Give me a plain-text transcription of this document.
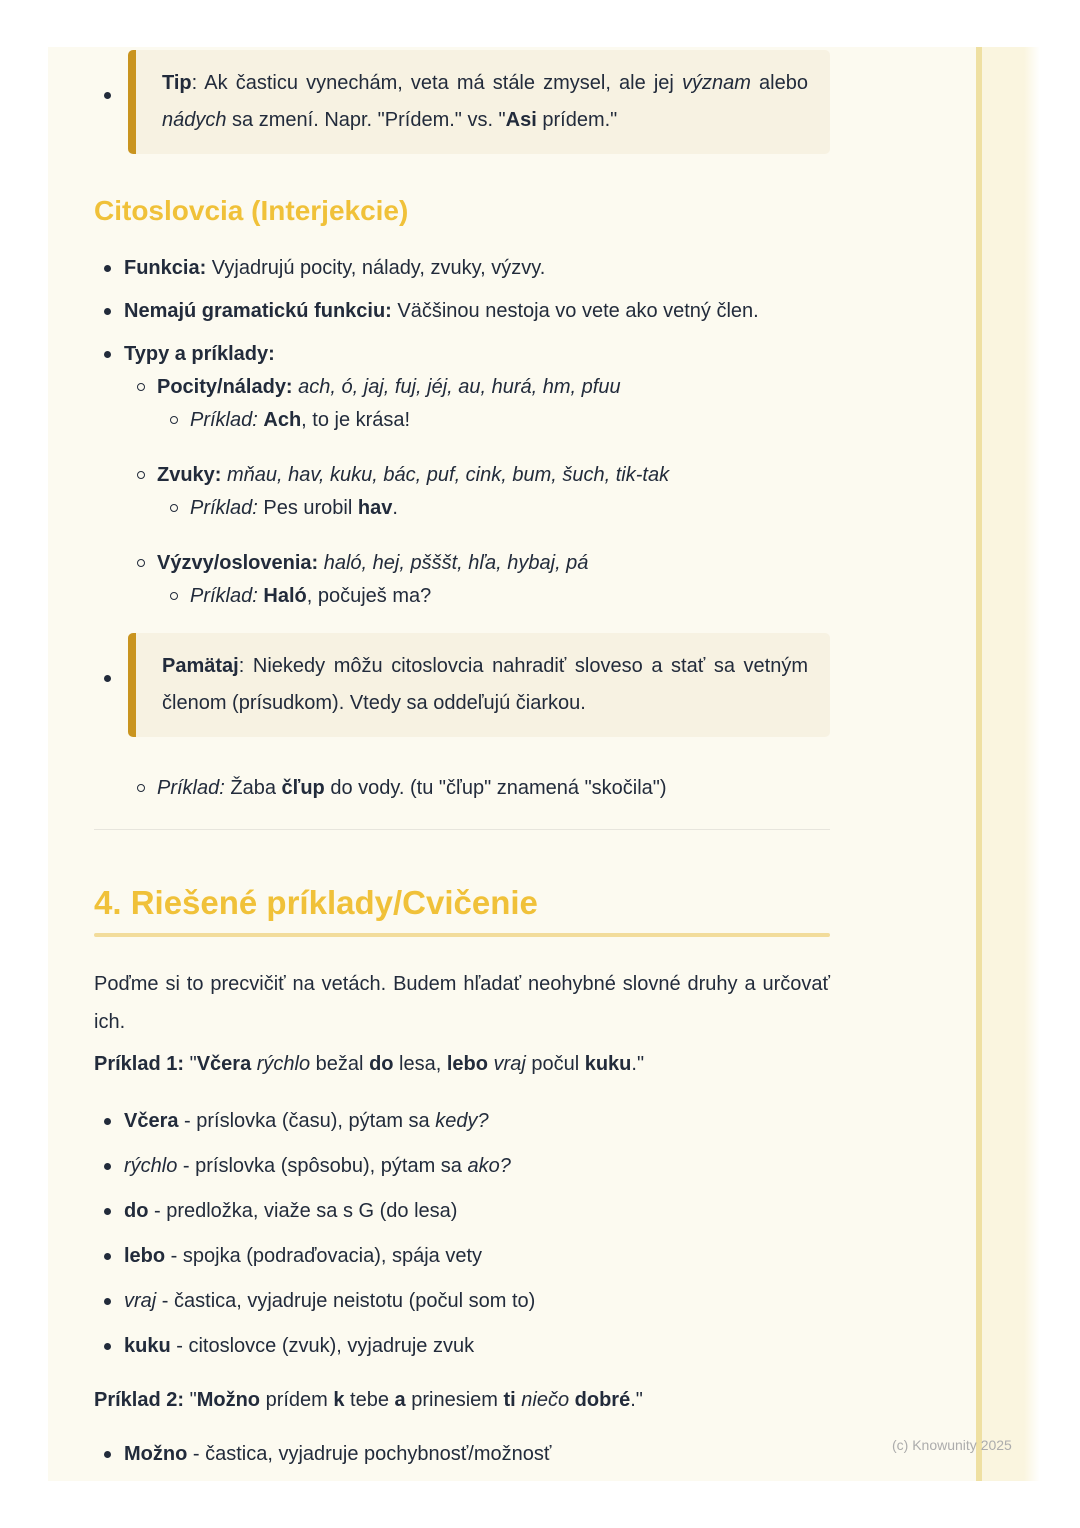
Tip: Ak časticu vynechám, veta má stále zmysel, ale jej význam alebo nádych sa zmení. Napr. "Prídem." vs. "Asi prídem."

Citoslovcia (Interjekcie)

Funkcia: Vyjadrujú pocity, nálady, zvuky, výzvy.

Nemajú gramatickú funkciu: Väčšinou nestoja vo vete ako vetný člen.

Typy a príklady:

Pocity/nálady: ach, ó, jaj, fuj, jéj, au, hurá, hm, pfuu

Príklad: Ach, to je krása!

Zvuky: mňau, hav, kuku, bác, puf, cink, bum, šuch, tik-tak

Príklad: Pes urobil hav.

Výzvy/oslovenia: haló, hej, pšššt, hľa, hybaj, pá

Príklad: Haló, počuješ ma?

Pamätaj: Niekedy môžu citoslovcia nahradiť sloveso a stať sa vetným členom (prísudkom). Vtedy sa oddeľujú čiarkou.

Príklad: Žaba čľup do vody. (tu "čľup" znamená "skočila")

4. Riešené príklady/Cvičenie

Poďme si to precvičiť na vetách. Budem hľadať neohybné slovné druhy a určovať ich.

Príklad 1: "Včera rýchlo bežal do lesa, lebo vraj počul kuku."

Včera - príslovka (času), pýtam sa kedy?

rýchlo - príslovka (spôsobu), pýtam sa ako?

do - predložka, viaže sa s G (do lesa)

lebo - spojka (podraďovacia), spája vety

vraj - častica, vyjadruje neistotu (počul som to)

kuku - citoslovce (zvuk), vyjadruje zvuk

Príklad 2: "Možno prídem k tebe a prinesiem ti niečo dobré."

Možno - častica, vyjadruje pochybnosť/možnosť	(c) Knowunity 2025
